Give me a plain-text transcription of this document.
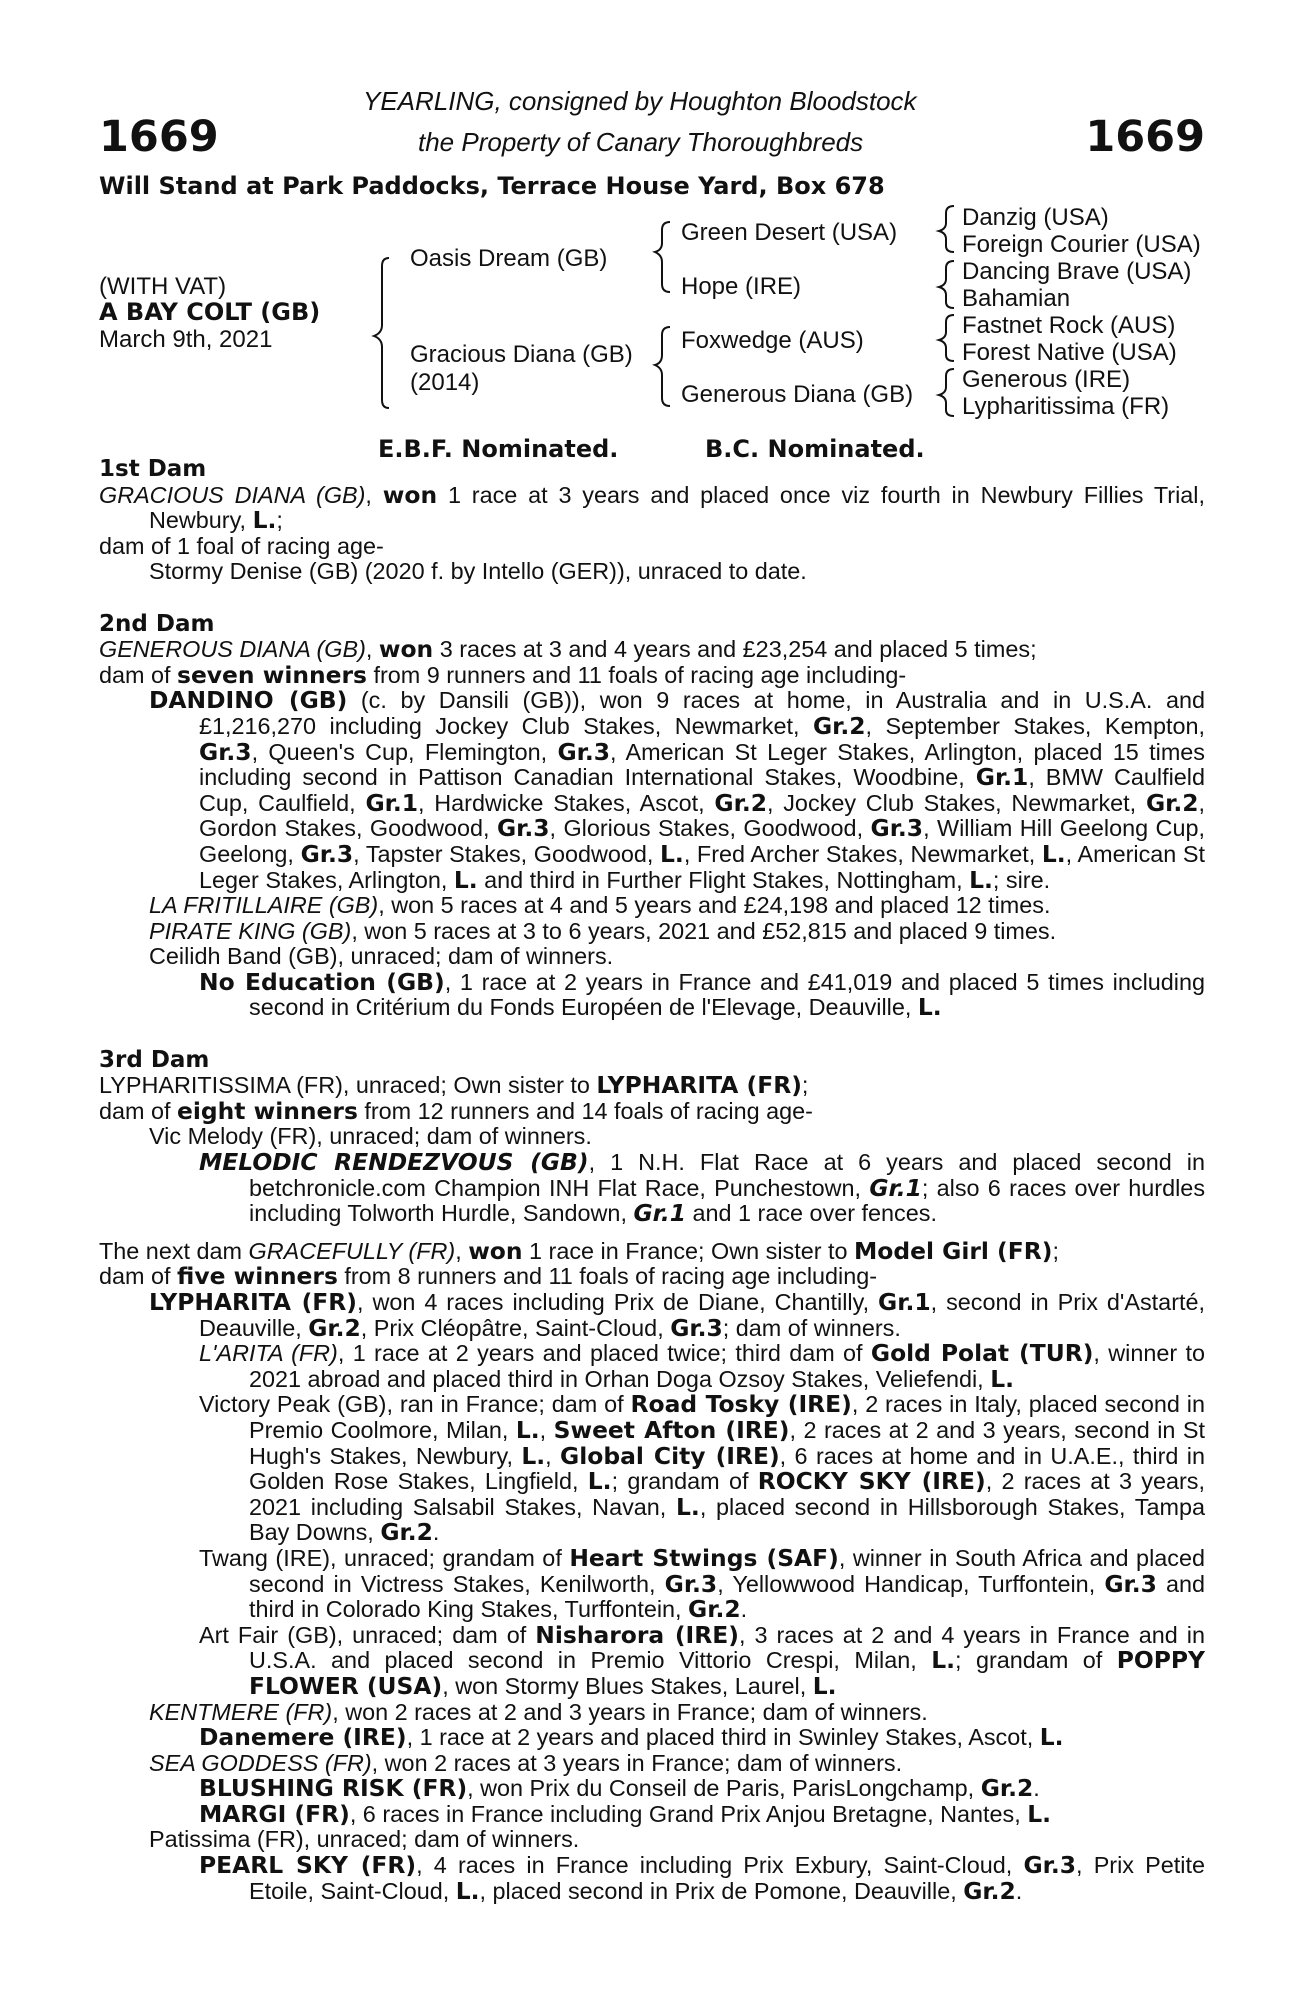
1669	1669
YEARLING, consigned by Houghton Bloodstock
the Property of Canary Thoroughbreds
Will Stand at Park Paddocks, Terrace House Yard, Box 678
(WITH VAT)
A BAY COLT (GB)
March 9th, 2021
Oasis Dream (GB)
Gracious Diana (GB)
(2014)
Green Desert (USA)
Hope (IRE)
Foxwedge (AUS)
Generous Diana (GB)
Danzig (USA)
Foreign Courier (USA)
Dancing Brave (USA)
Bahamian
Fastnet Rock (AUS)
Forest Native (USA)
Generous (IRE)
Lypharitissima (FR)
E.B.F. Nominated.	B.C. Nominated.

1st Dam

GRACIOUS DIANA (GB), won 1 race at 3 years and placed once viz fourth in Newbury Fillies Trial, Newbury, L.;

dam of 1 foal of racing age-

Stormy Denise (GB) (2020 f. by Intello (GER)), unraced to date.

2nd Dam

GENEROUS DIANA (GB), won 3 races at 3 and 4 years and £23,254 and placed 5 times;

dam of seven winners from 9 runners and 11 foals of racing age including-

DANDINO (GB) (c. by Dansili (GB)), won 9 races at home, in Australia and in U.S.A. and £1,216,270 including Jockey Club Stakes, Newmarket, Gr.2, September Stakes, Kempton, Gr.3, Queen's Cup, Flemington, Gr.3, American St Leger Stakes, Arlington, placed 15 times including second in Pattison Canadian International Stakes, Woodbine, Gr.1, BMW Caulfield Cup, Caulfield, Gr.1, Hardwicke Stakes, Ascot, Gr.2, Jockey Club Stakes, Newmarket, Gr.2, Gordon Stakes, Goodwood, Gr.3, Glorious Stakes, Goodwood, Gr.3, William Hill Geelong Cup, Geelong, Gr.3, Tapster Stakes, Goodwood, L., Fred Archer Stakes, Newmarket, L., American St Leger Stakes, Arlington, L. and third in Further Flight Stakes, Nottingham, L.; sire.

LA FRITILLAIRE (GB), won 5 races at 4 and 5 years and £24,198 and placed 12 times.

PIRATE KING (GB), won 5 races at 3 to 6 years, 2021 and £52,815 and placed 9 times.

Ceilidh Band (GB), unraced; dam of winners.

No Education (GB), 1 race at 2 years in France and £41,019 and placed 5 times including second in Critérium du Fonds Européen de l'Elevage, Deauville, L.

3rd Dam

LYPHARITISSIMA (FR), unraced; Own sister to LYPHARITA (FR);

dam of eight winners from 12 runners and 14 foals of racing age-

Vic Melody (FR), unraced; dam of winners.

MELODIC RENDEZVOUS (GB), 1 N.H. Flat Race at 6 years and placed second in betchronicle.com Champion INH Flat Race, Punchestown, Gr.1; also 6 races over hurdles including Tolworth Hurdle, Sandown, Gr.1 and 1 race over fences.

The next dam GRACEFULLY (FR), won 1 race in France; Own sister to Model Girl (FR);

dam of five winners from 8 runners and 11 foals of racing age including-

LYPHARITA (FR), won 4 races including Prix de Diane, Chantilly, Gr.1, second in Prix d'Astarté, Deauville, Gr.2, Prix Cléopâtre, Saint-Cloud, Gr.3; dam of winners.

L'ARITA (FR), 1 race at 2 years and placed twice; third dam of Gold Polat (TUR), winner to 2021 abroad and placed third in Orhan Doga Ozsoy Stakes, Veliefendi, L.

Victory Peak (GB), ran in France; dam of Road Tosky (IRE), 2 races in Italy, placed second in Premio Coolmore, Milan, L., Sweet Afton (IRE), 2 races at 2 and 3 years, second in St Hugh's Stakes, Newbury, L., Global City (IRE), 6 races at home and in U.A.E., third in Golden Rose Stakes, Lingfield, L.; grandam of ROCKY SKY (IRE), 2 races at 3 years, 2021 including Salsabil Stakes, Navan, L., placed second in Hillsborough Stakes, Tampa Bay Downs, Gr.2.

Twang (IRE), unraced; grandam of Heart Stwings (SAF), winner in South Africa and placed second in Victress Stakes, Kenilworth, Gr.3, Yellowwood Handicap, Turffontein, Gr.3 and third in Colorado King Stakes, Turffontein, Gr.2.

Art Fair (GB), unraced; dam of Nisharora (IRE), 3 races at 2 and 4 years in France and in U.S.A. and placed second in Premio Vittorio Crespi, Milan, L.; grandam of POPPY FLOWER (USA), won Stormy Blues Stakes, Laurel, L.

KENTMERE (FR), won 2 races at 2 and 3 years in France; dam of winners.

Danemere (IRE), 1 race at 2 years and placed third in Swinley Stakes, Ascot, L.

SEA GODDESS (FR), won 2 races at 3 years in France; dam of winners.

BLUSHING RISK (FR), won Prix du Conseil de Paris, ParisLongchamp, Gr.2.

MARGI (FR), 6 races in France including Grand Prix Anjou Bretagne, Nantes, L.

Patissima (FR), unraced; dam of winners.

PEARL SKY (FR), 4 races in France including Prix Exbury, Saint-Cloud, Gr.3, Prix Petite Etoile, Saint-Cloud, L., placed second in Prix de Pomone, Deauville, Gr.2.
